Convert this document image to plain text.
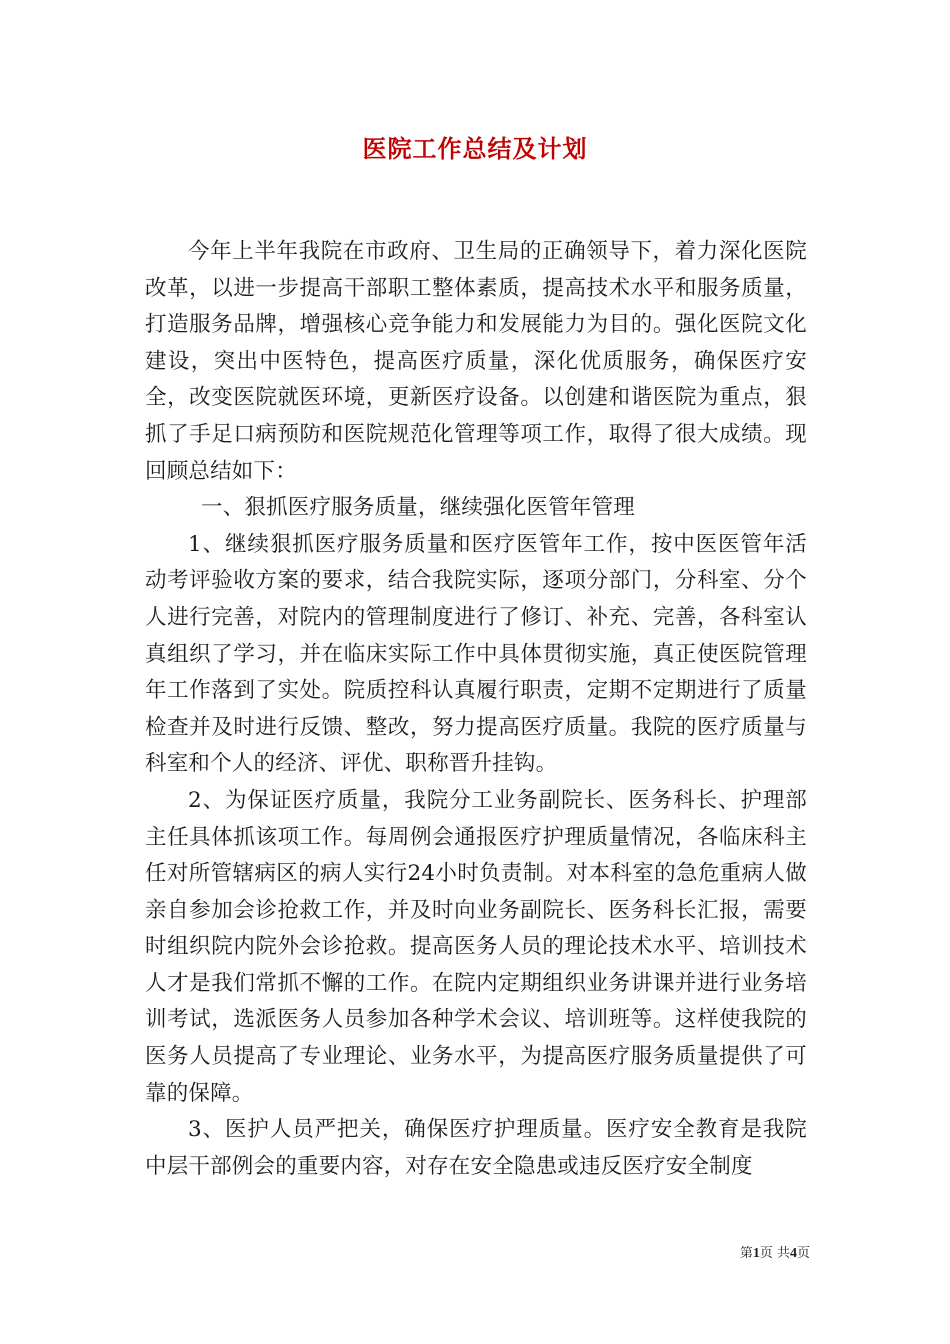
医院工作总结及计划

今年上半年我院在市政府、卫生局的正确领导下，着力深化医院改革，以进一步提高干部职工整体素质，提高技术水平和服务质量，打造服务品牌，增强核心竞争能力和发展能力为目的。强化医院文化建设，突出中医特色，提高医疗质量，深化优质服务，确保医疗安全，改变医院就医环境，更新医疗设备。以创建和谐医院为重点，狠抓了手足口病预防和医院规范化管理等项工作，取得了很大成绩。现回顾总结如下：

一、狠抓医疗服务质量，继续强化医管年管理

1、继续狠抓医疗服务质量和医疗医管年工作，按中医医管年活动考评验收方案的要求，结合我院实际，逐项分部门，分科室、分个人进行完善，对院内的管理制度进行了修订、补充、完善，各科室认真组织了学习，并在临床实际工作中具体贯彻实施，真正使医院管理年工作落到了实处。院质控科认真履行职责，定期不定期进行了质量检查并及时进行反馈、整改，努力提高医疗质量。我院的医疗质量与科室和个人的经济、评优、职称晋升挂钩。

2、为保证医疗质量，我院分工业务副院长、医务科长、护理部主任具体抓该项工作。每周例会通报医疗护理质量情况，各临床科主任对所管辖病区的病人实行24小时负责制。对本科室的急危重病人做亲自参加会诊抢救工作，并及时向业务副院长、医务科长汇报，需要时组织院内院外会诊抢救。提高医务人员的理论技术水平、培训技术人才是我们常抓不懈的工作。在院内定期组织业务讲课并进行业务培训考试，选派医务人员参加各种学术会议、培训班等。这样使我院的医务人员提高了专业理论、业务水平，为提高医疗服务质量提供了可靠的保障。

3、医护人员严把关，确保医疗护理质量。医疗安全教育是我院中层干部例会的重要内容，对存在安全隐患或违反医疗安全制度

第1页 共4页
